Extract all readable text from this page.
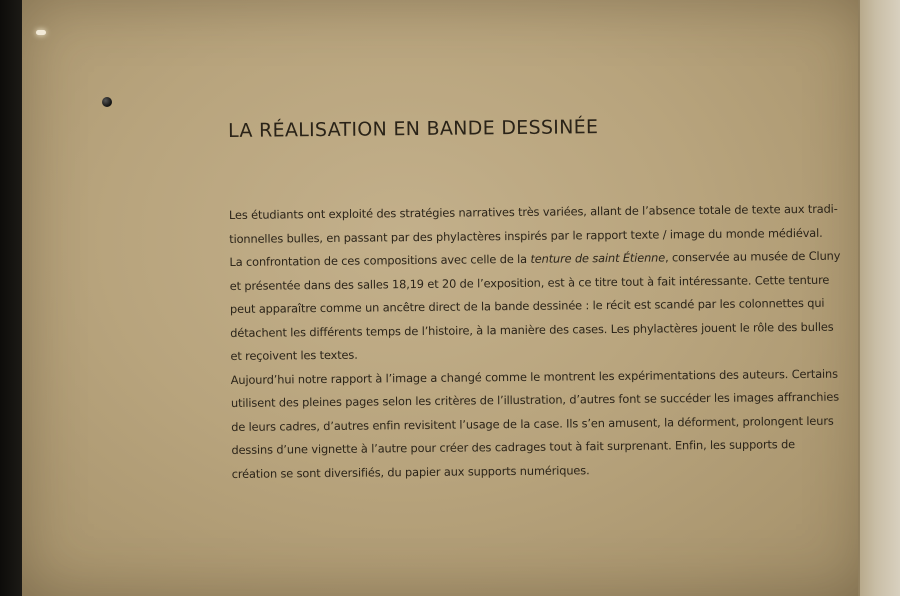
LA RÉALISATION EN BANDE DESSINÉE
Les étudiants ont exploité des stratégies narratives très variées, allant de l’absence totale de texte aux tradi-
tionnelles bulles, en passant par des phylactères inspirés par le rapport texte / image du monde médiéval.
La confrontation de ces compositions avec celle de la tenture de saint Étienne, conservée au musée de Cluny
et présentée dans des salles 18,19 et 20 de l’exposition, est à ce titre tout à fait intéressante. Cette tenture
peut apparaître comme un ancêtre direct de la bande dessinée : le récit est scandé par les colonnettes qui
détachent les différents temps de l’histoire, à la manière des cases. Les phylactères jouent le rôle des bulles
et reçoivent les textes.
Aujourd’hui notre rapport à l’image a changé comme le montrent les expérimentations des auteurs. Certains
utilisent des pleines pages selon les critères de l’illustration, d’autres font se succéder les images affranchies
de leurs cadres, d’autres enfin revisitent l’usage de la case. Ils s’en amusent, la déforment, prolongent leurs
dessins d’une vignette à l’autre pour créer des cadrages tout à fait surprenant. Enfin, les supports de
création se sont diversifiés, du papier aux supports numériques.
